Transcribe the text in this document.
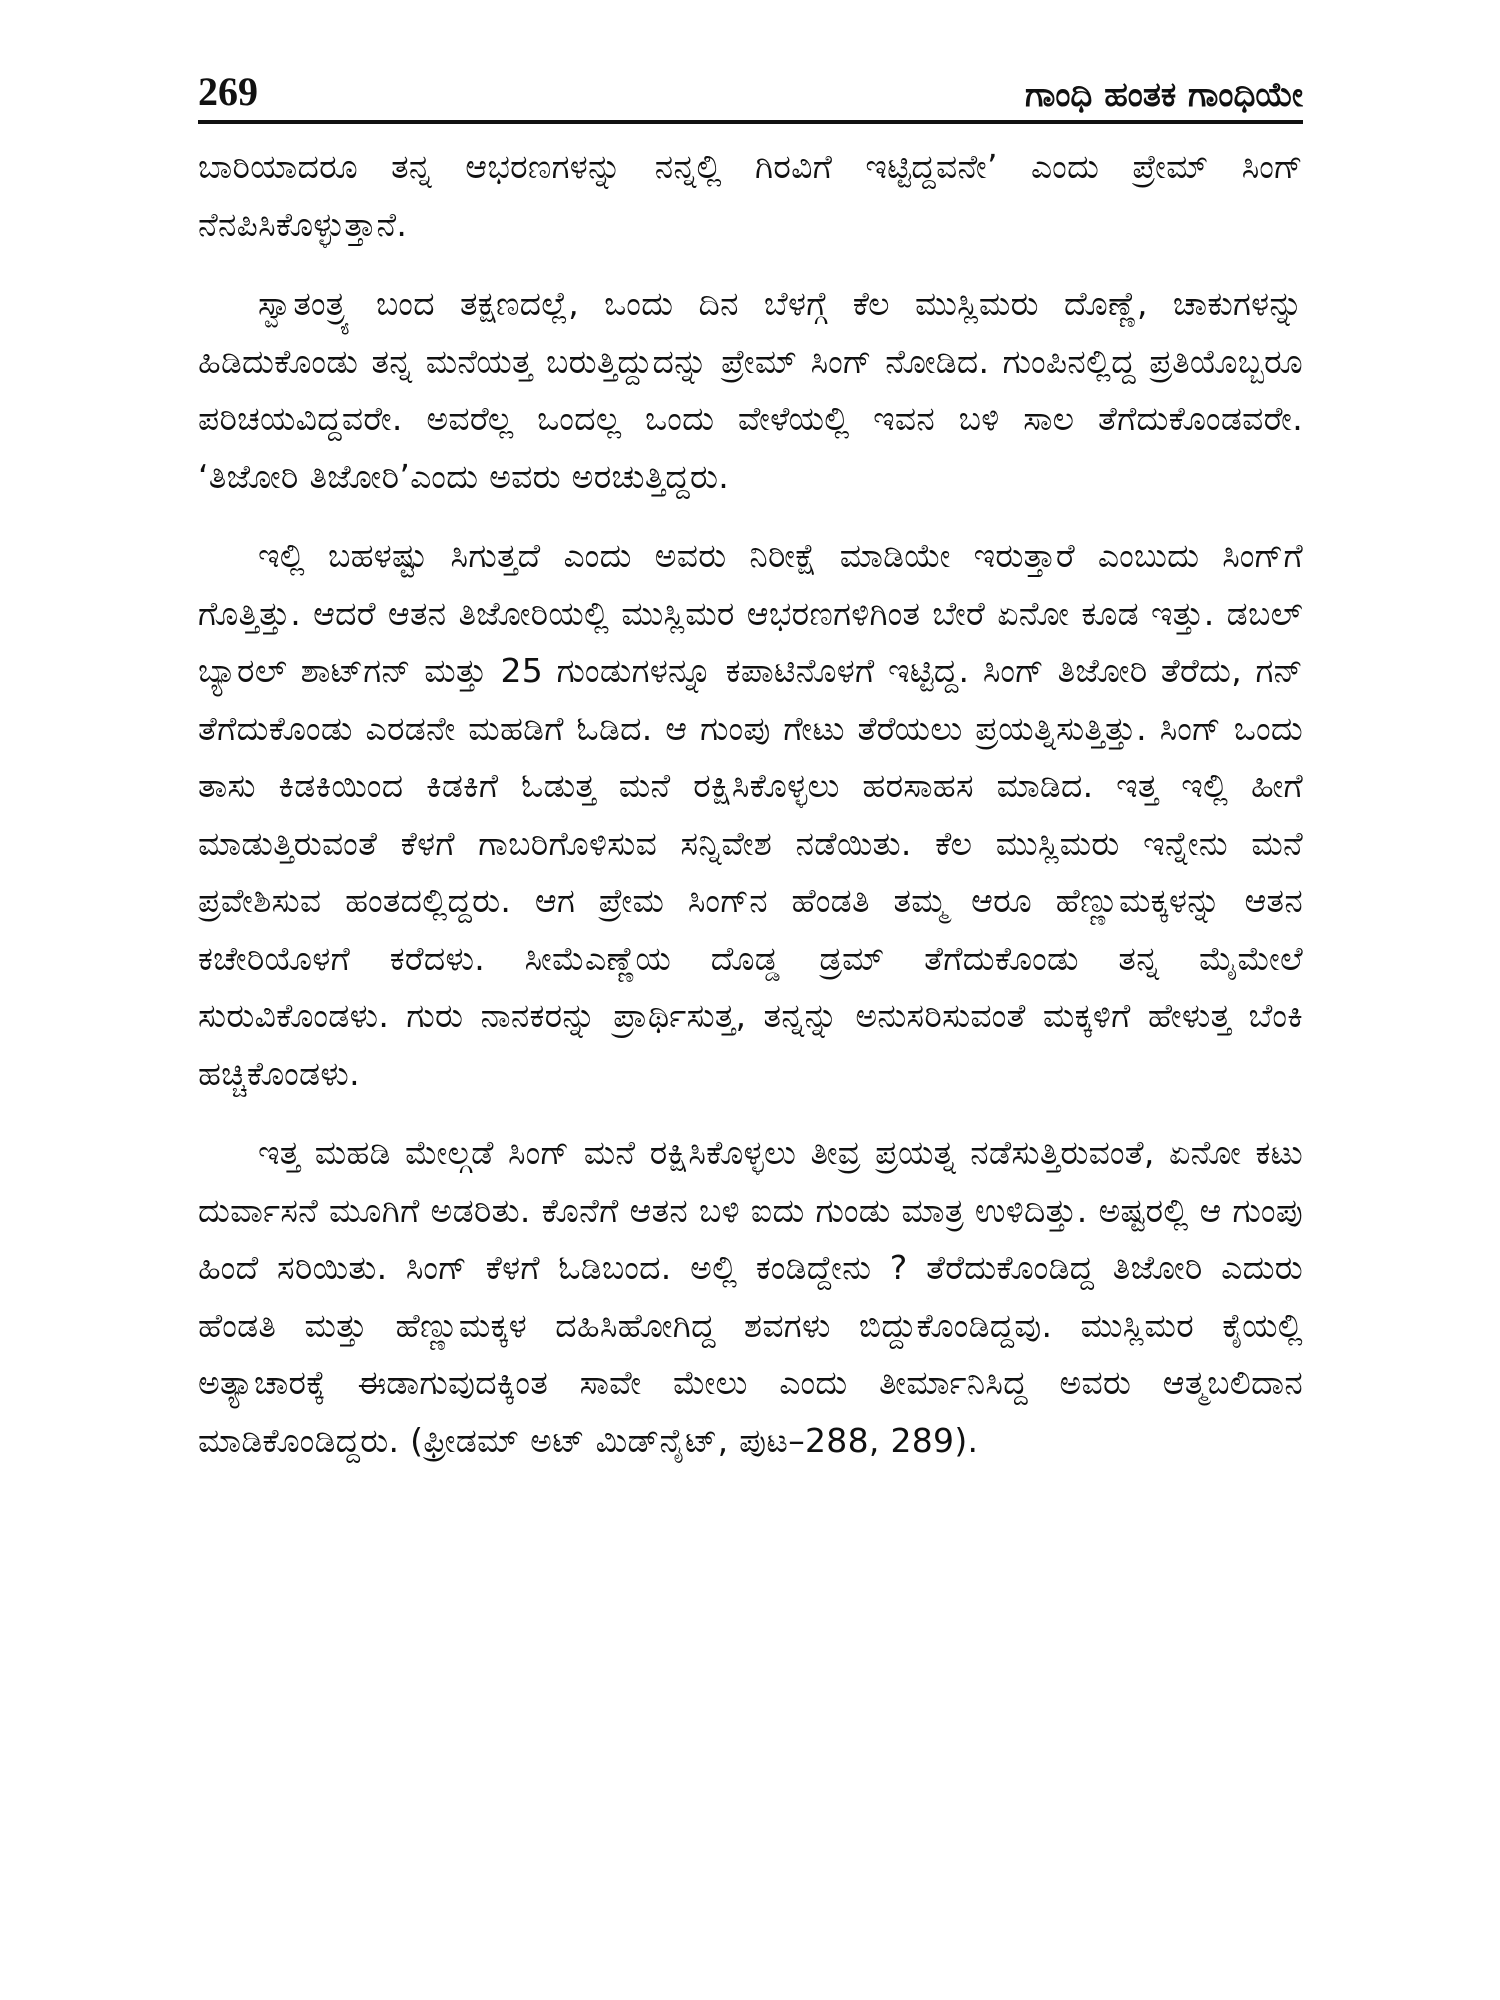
269	ಗಾಂಧಿ ಹಂತಕ ಗಾಂಧಿಯೇ

ಬಾರಿಯಾದರೂ ತನ್ನ ಆಭರಣಗಳನ್ನು ನನ್ನಲ್ಲಿ ಗಿರವಿಗೆ ಇಟ್ಟಿದ್ದವನೇ’ ಎಂದು ಪ್ರೇಮ್ ಸಿಂಗ್ ನೆನಪಿಸಿಕೊಳ್ಳುತ್ತಾನೆ.

ಸ್ವಾತಂತ್ರ್ಯ ಬಂದ ತಕ್ಷಣದಲ್ಲೆ, ಒಂದು ದಿನ ಬೆಳಗ್ಗೆ ಕೆಲ ಮುಸ್ಲಿಮರು ದೊಣ್ಣೆ, ಚಾಕುಗಳನ್ನು ಹಿಡಿದುಕೊಂಡು ತನ್ನ ಮನೆಯತ್ತ ಬರುತ್ತಿದ್ದುದನ್ನು ಪ್ರೇಮ್ ಸಿಂಗ್ ನೋಡಿದ. ಗುಂಪಿನಲ್ಲಿದ್ದ ಪ್ರತಿಯೊಬ್ಬರೂ ಪರಿಚಯವಿದ್ದವರೇ. ಅವರೆಲ್ಲ ಒಂದಲ್ಲ ಒಂದು ವೇಳೆಯಲ್ಲಿ ಇವನ ಬಳಿ ಸಾಲ ತೆಗೆದುಕೊಂಡವರೇ. ‘ತಿಜೋರಿ ತಿಜೋರಿ’ಎಂದು ಅವರು ಅರಚುತ್ತಿದ್ದರು.

ಇಲ್ಲಿ ಬಹಳಷ್ಟು ಸಿಗುತ್ತದೆ ಎಂದು ಅವರು ನಿರೀಕ್ಷೆ ಮಾಡಿಯೇ ಇರುತ್ತಾರೆ ಎಂಬುದು ಸಿಂಗ್‌ಗೆ ಗೊತ್ತಿತ್ತು. ಆದರೆ ಆತನ ತಿಜೋರಿಯಲ್ಲಿ ಮುಸ್ಲಿಮರ ಆಭರಣಗಳಿಗಿಂತ ಬೇರೆ ಏನೋ ಕೂಡ ಇತ್ತು. ಡಬಲ್ ಬ್ಯಾರಲ್ ಶಾಟ್‌ಗನ್ ಮತ್ತು 25 ಗುಂಡುಗಳನ್ನೂ ಕಪಾಟಿನೊಳಗೆ ಇಟ್ಟಿದ್ದ. ಸಿಂಗ್ ತಿಜೋರಿ ತೆರೆದು, ಗನ್ ತೆಗೆದುಕೊಂಡು ಎರಡನೇ ಮಹಡಿಗೆ ಓಡಿದ. ಆ ಗುಂಪು ಗೇಟು ತೆರೆಯಲು ಪ್ರಯತ್ನಿಸುತ್ತಿತ್ತು. ಸಿಂಗ್ ಒಂದು ತಾಸು ಕಿಡಕಿಯಿಂದ ಕಿಡಕಿಗೆ ಓಡುತ್ತ ಮನೆ ರಕ್ಷಿಸಿಕೊಳ್ಳಲು ಹರಸಾಹಸ ಮಾಡಿದ. ಇತ್ತ ಇಲ್ಲಿ ಹೀಗೆ ಮಾಡುತ್ತಿರುವಂತೆ ಕೆಳಗೆ ಗಾಬರಿಗೊಳಿಸುವ ಸನ್ನಿವೇಶ ನಡೆಯಿತು. ಕೆಲ ಮುಸ್ಲಿಮರು ಇನ್ನೇನು ಮನೆ ಪ್ರವೇಶಿಸುವ ಹಂತದಲ್ಲಿದ್ದರು. ಆಗ ಪ್ರೇಮ ಸಿಂಗ್‌ನ ಹೆಂಡತಿ ತಮ್ಮ ಆರೂ ಹೆಣ್ಣುಮಕ್ಕಳನ್ನು ಆತನ ಕಚೇರಿಯೊಳಗೆ ಕರೆದಳು. ಸೀಮೆಎಣ್ಣೆಯ ದೊಡ್ಡ ಡ್ರಮ್ ತೆಗೆದುಕೊಂಡು ತನ್ನ ಮೈಮೇಲೆ ಸುರುವಿಕೊಂಡಳು. ಗುರು ನಾನಕರನ್ನು ಪ್ರಾರ್ಥಿಸುತ್ತ, ತನ್ನನ್ನು ಅನುಸರಿಸುವಂತೆ ಮಕ್ಕಳಿಗೆ ಹೇಳುತ್ತ ಬೆಂಕಿ ಹಚ್ಚಿಕೊಂಡಳು.

ಇತ್ತ ಮಹಡಿ ಮೇಲ್ಗಡೆ ಸಿಂಗ್ ಮನೆ ರಕ್ಷಿಸಿಕೊಳ್ಳಲು ತೀವ್ರ ಪ್ರಯತ್ನ ನಡೆಸುತ್ತಿರುವಂತೆ, ಏನೋ ಕಟು ದುರ್ವಾಸನೆ ಮೂಗಿಗೆ ಅಡರಿತು. ಕೊನೆಗೆ ಆತನ ಬಳಿ ಐದು ಗುಂಡು ಮಾತ್ರ ಉಳಿದಿತ್ತು. ಅಷ್ಟರಲ್ಲಿ ಆ ಗುಂಪು ಹಿಂದೆ ಸರಿಯಿತು. ಸಿಂಗ್ ಕೆಳಗೆ ಓಡಿಬಂದ. ಅಲ್ಲಿ ಕಂಡಿದ್ದೇನು ? ತೆರೆದುಕೊಂಡಿದ್ದ ತಿಜೋರಿ ಎದುರು ಹೆಂಡತಿ ಮತ್ತು ಹೆಣ್ಣುಮಕ್ಕಳ ದಹಿಸಿಹೋಗಿದ್ದ ಶವಗಳು ಬಿದ್ದುಕೊಂಡಿದ್ದವು. ಮುಸ್ಲಿಮರ ಕೈಯಲ್ಲಿ ಅತ್ಯಾಚಾರಕ್ಕೆ ಈಡಾಗುವುದಕ್ಕಿಂತ ಸಾವೇ ಮೇಲು ಎಂದು ತೀರ್ಮಾನಿಸಿದ್ದ ಅವರು ಆತ್ಮಬಲಿದಾನ ಮಾಡಿಕೊಂಡಿದ್ದರು. (ಫ್ರೀಡಮ್ ಅಟ್ ಮಿಡ್‌ನೈಟ್, ಪುಟ–288, 289).
